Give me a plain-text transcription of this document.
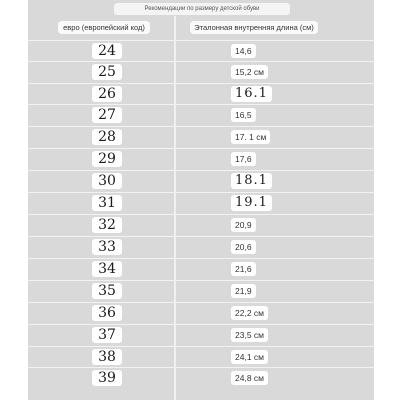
Рекомендации по размеру детской обуви
евро (европейский код)	Эталонная внутренняя длина (см)
24	14,6
25	15,2 см
26	16.1
27	16,5
28	17. 1 см
29	17,6
30	18.1
31	19.1
32	20,9
33	20,6
34	21,6
35	21,9
36	22,2 см
37	23,5 см
38	24,1 см
39	24,8 см
